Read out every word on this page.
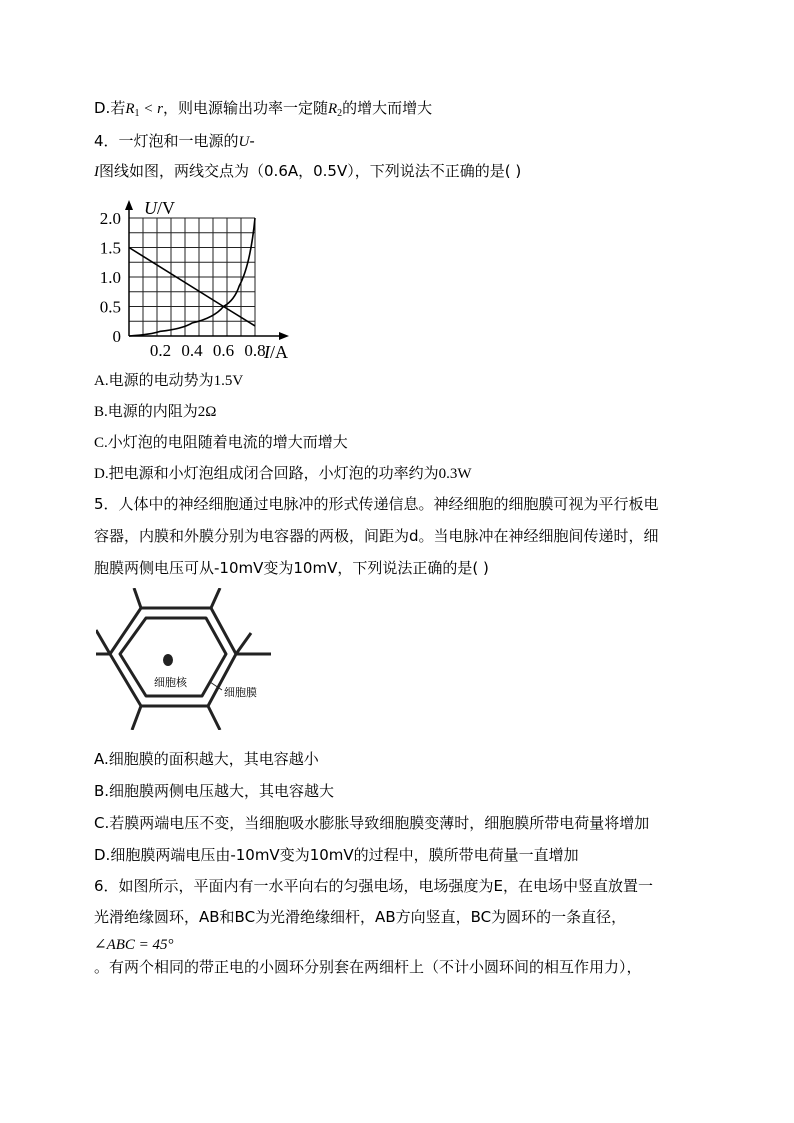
D.若$R_1 < r$，则电源输出功率一定随$R_2$的增大而增大
4．一灯泡和一电源的U-
I图线如图，两线交点为（0.6A，0.5V），下列说法不正确的是( )
2.0
1.5
1.0
0.5
0
0.2 0.4 0.6 0.8
U/V
I/A
A.电源的电动势为1.5V
B.电源的内阻为2Ω
C.小灯泡的电阻随着电流的增大而增大
D.把电源和小灯泡组成闭合回路，小灯泡的功率约为0.3W
5．人体中的神经细胞通过电脉冲的形式传递信息。神经细胞的细胞膜可视为平行板电
容器，内膜和外膜分别为电容器的两极，间距为d。当电脉冲在神经细胞间传递时，细
胞膜两侧电压可从-10mV变为10mV，下列说法正确的是( )
细胞核
细胞膜
A.细胞膜的面积越大，其电容越小
B.细胞膜两侧电压越大，其电容越大
C.若膜两端电压不变，当细胞吸水膨胀导致细胞膜变薄时，细胞膜所带电荷量将增加
D.细胞膜两端电压由-10mV变为10mV的过程中，膜所带电荷量一直增加
6．如图所示，平面内有一水平向右的匀强电场，电场强度为E，在电场中竖直放置一
光滑绝缘圆环，AB和BC为光滑绝缘细杆，AB方向竖直，BC为圆环的一条直径，
∠ABC = 45°
。有两个相同的带正电的小圆环分别套在两细杆上（不计小圆环间的相互作用力），
